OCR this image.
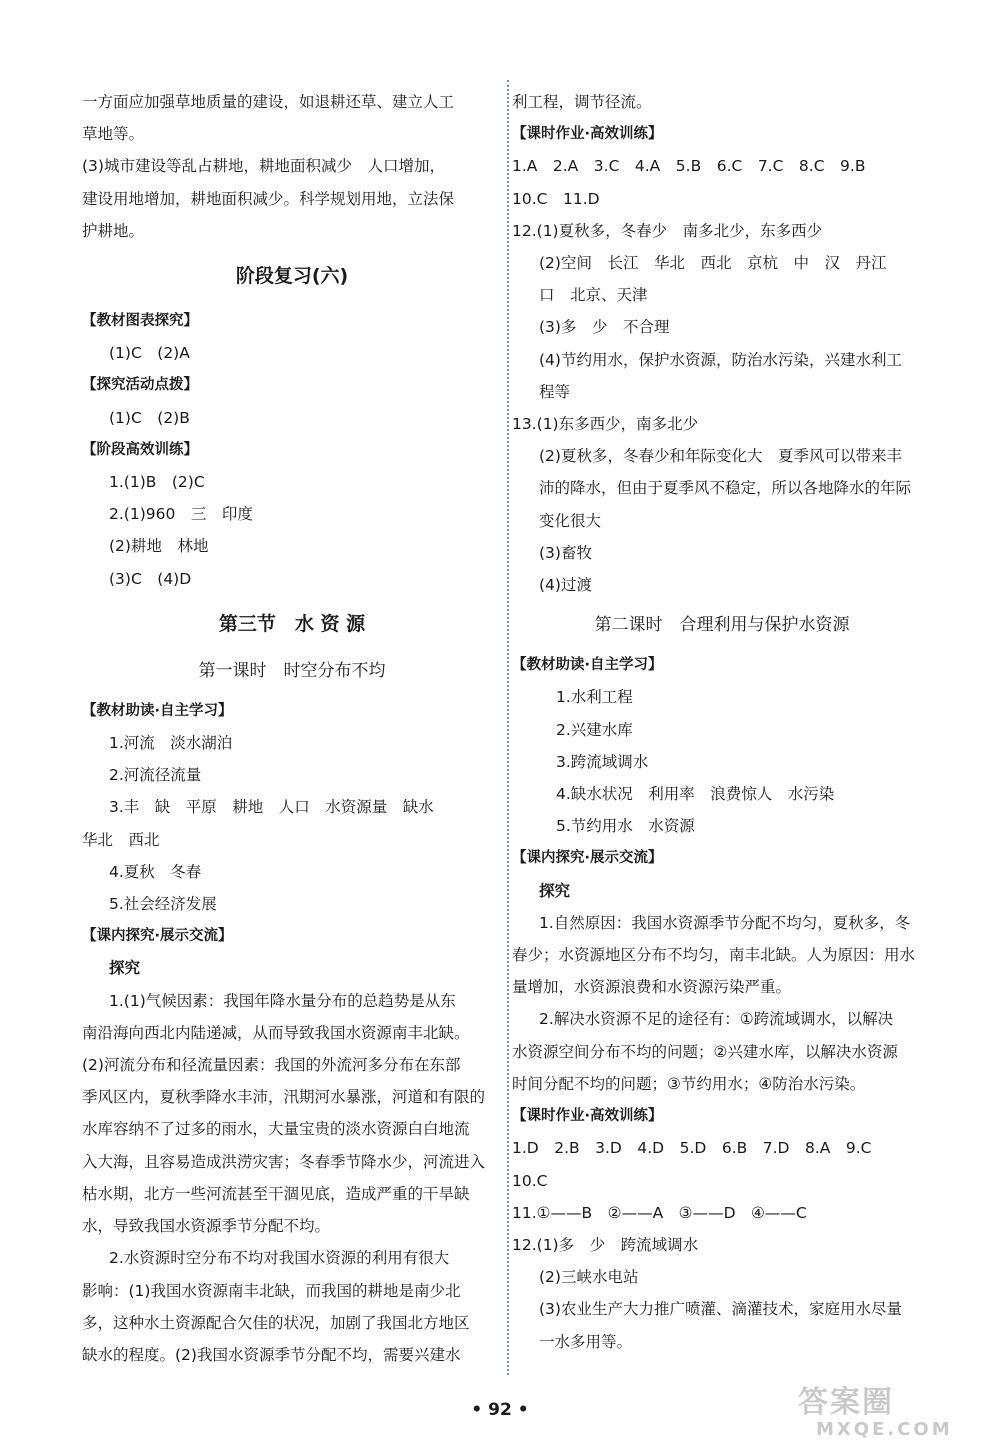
一方面应加强草地质量的建设，如退耕还草、建立人工
草地等。
(3)城市建设等乱占耕地，耕地面积减少　人口增加，
建设用地增加，耕地面积减少。科学规划用地，立法保
护耕地。
阶段复习(六)
【教材图表探究】
(1)C　(2)A
【探究活动点拨】
(1)C　(2)B
【阶段高效训练】
1.(1)B　(2)C
2.(1)960　三　印度
(2)耕地　林地
(3)C　(4)D
第三节　水 资 源
第一课时　时空分布不均
【教材助读·自主学习】
1.河流　淡水湖泊
2.河流径流量
3.丰　缺　平原　耕地　人口　水资源量　缺水
华北　西北
4.夏秋　冬春
5.社会经济发展
【课内探究·展示交流】
探究
1.(1)气候因素：我国年降水量分布的总趋势是从东
南沿海向西北内陆递减，从而导致我国水资源南丰北缺。
(2)河流分布和径流量因素：我国的外流河多分布在东部
季风区内，夏秋季降水丰沛，汛期河水暴涨，河道和有限的
水库容纳不了过多的雨水，大量宝贵的淡水资源白白地流
入大海，且容易造成洪涝灾害；冬春季节降水少，河流进入
枯水期，北方一些河流甚至干涸见底，造成严重的干旱缺
水，导致我国水资源季节分配不均。
2.水资源时空分布不均对我国水资源的利用有很大
影响：(1)我国水资源南丰北缺，而我国的耕地是南少北
多，这种水土资源配合欠佳的状况，加剧了我国北方地区
缺水的程度。(2)我国水资源季节分配不均，需要兴建水
利工程，调节径流。
【课时作业·高效训练】
1.A　2.A　3.C　4.A　5.B　6.C　7.C　8.C　9.B
10.C　11.D
12.(1)夏秋多，冬春少　南多北少，东多西少
(2)空间　长江　华北　西北　京杭　中　汉　丹江
口　北京、天津
(3)多　少　不合理
(4)节约用水，保护水资源，防治水污染，兴建水利工
程等
13.(1)东多西少，南多北少
(2)夏秋多，冬春少和年际变化大　夏季风可以带来丰
沛的降水，但由于夏季风不稳定，所以各地降水的年际
变化很大
(3)畜牧
(4)过渡
第二课时　合理利用与保护水资源
【教材助读·自主学习】
1.水利工程
2.兴建水库
3.跨流域调水
4.缺水状况　利用率　浪费惊人　水污染
5.节约用水　水资源
【课内探究·展示交流】
探究
1.自然原因：我国水资源季节分配不均匀，夏秋多，冬
春少；水资源地区分布不均匀，南丰北缺。人为原因：用水
量增加，水资源浪费和水资源污染严重。
2.解决水资源不足的途径有：①跨流域调水，以解决
水资源空间分布不均的问题；②兴建水库，以解决水资源
时间分配不均的问题；③节约用水；④防治水污染。
【课时作业·高效训练】
1.D　2.B　3.D　4.D　5.D　6.B　7.D　8.A　9.C
10.C
11.①——B　②——A　③——D　④——C
12.(1)多　少　跨流域调水
(2)三峡水电站
(3)农业生产大力推广喷灌、滴灌技术，家庭用水尽量
一水多用等。
• 92 •	答案圈
MXQE.COM
